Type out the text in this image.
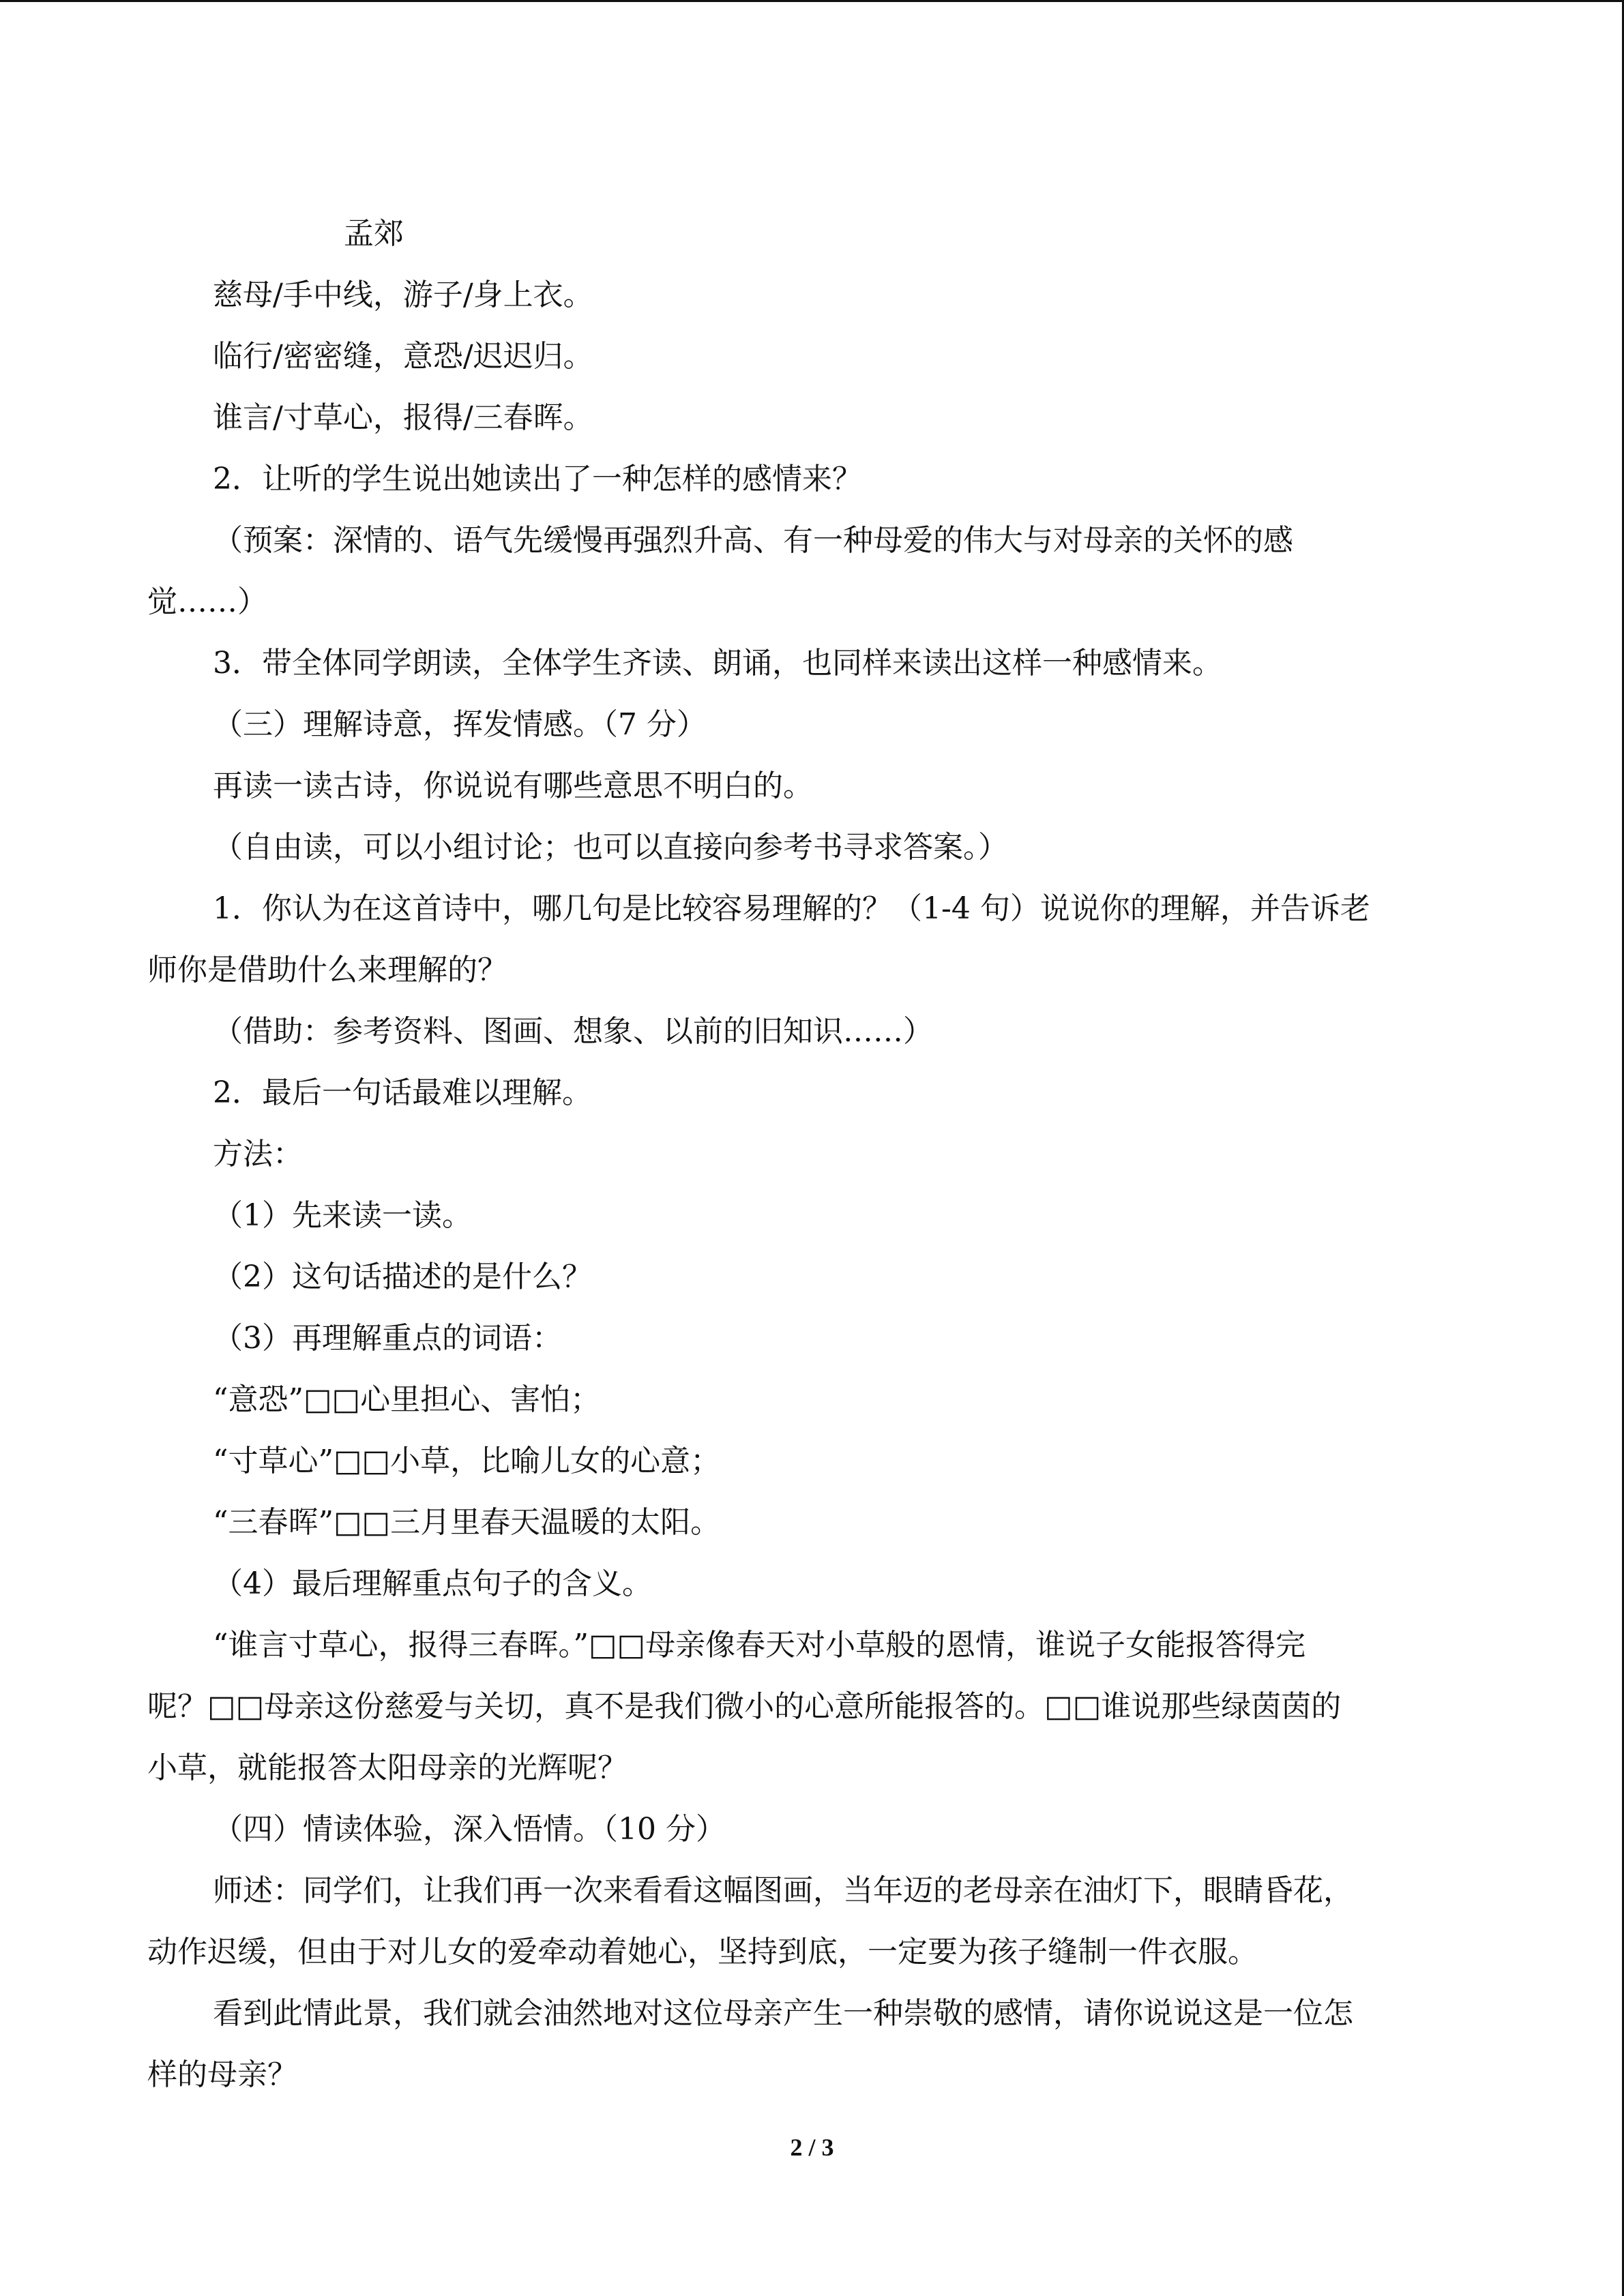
孟郊

慈母/手中线，游子/身上衣。

临行/密密缝，意恐/迟迟归。

谁言/寸草心，报得/三春晖。

2．让听的学生说出她读出了一种怎样的感情来？

（预案：深情的、语气先缓慢再强烈升高、有一种母爱的伟大与对母亲的关怀的感

觉……）

3．带全体同学朗读，全体学生齐读、朗诵，也同样来读出这样一种感情来。

（三）理解诗意，挥发情感。（7 分）

再读一读古诗，你说说有哪些意思不明白的。

（自由读，可以小组讨论；也可以直接向参考书寻求答案。）

1．你认为在这首诗中，哪几句是比较容易理解的？（1-4 句）说说你的理解，并告诉老

师你是借助什么来理解的？

（借助：参考资料、图画、想象、以前的旧知识……）

2．最后一句话最难以理解。

方法：

（1）先来读一读。

（2）这句话描述的是什么？

（3）再理解重点的词语：

“意恐”□□心里担心、害怕；

“寸草心”□□小草，比喻儿女的心意；

“三春晖”□□三月里春天温暖的太阳。

（4）最后理解重点句子的含义。

“谁言寸草心，报得三春晖。”□□母亲像春天对小草般的恩情，谁说子女能报答得完

呢？□□母亲这份慈爱与关切，真不是我们微小的心意所能报答的。□□谁说那些绿茵茵的

小草，就能报答太阳母亲的光辉呢？

（四）情读体验，深入悟情。（10 分）

师述：同学们，让我们再一次来看看这幅图画，当年迈的老母亲在油灯下，眼睛昏花，

动作迟缓，但由于对儿女的爱牵动着她心，坚持到底，一定要为孩子缝制一件衣服。

看到此情此景，我们就会油然地对这位母亲产生一种崇敬的感情，请你说说这是一位怎

样的母亲？

2 / 3
